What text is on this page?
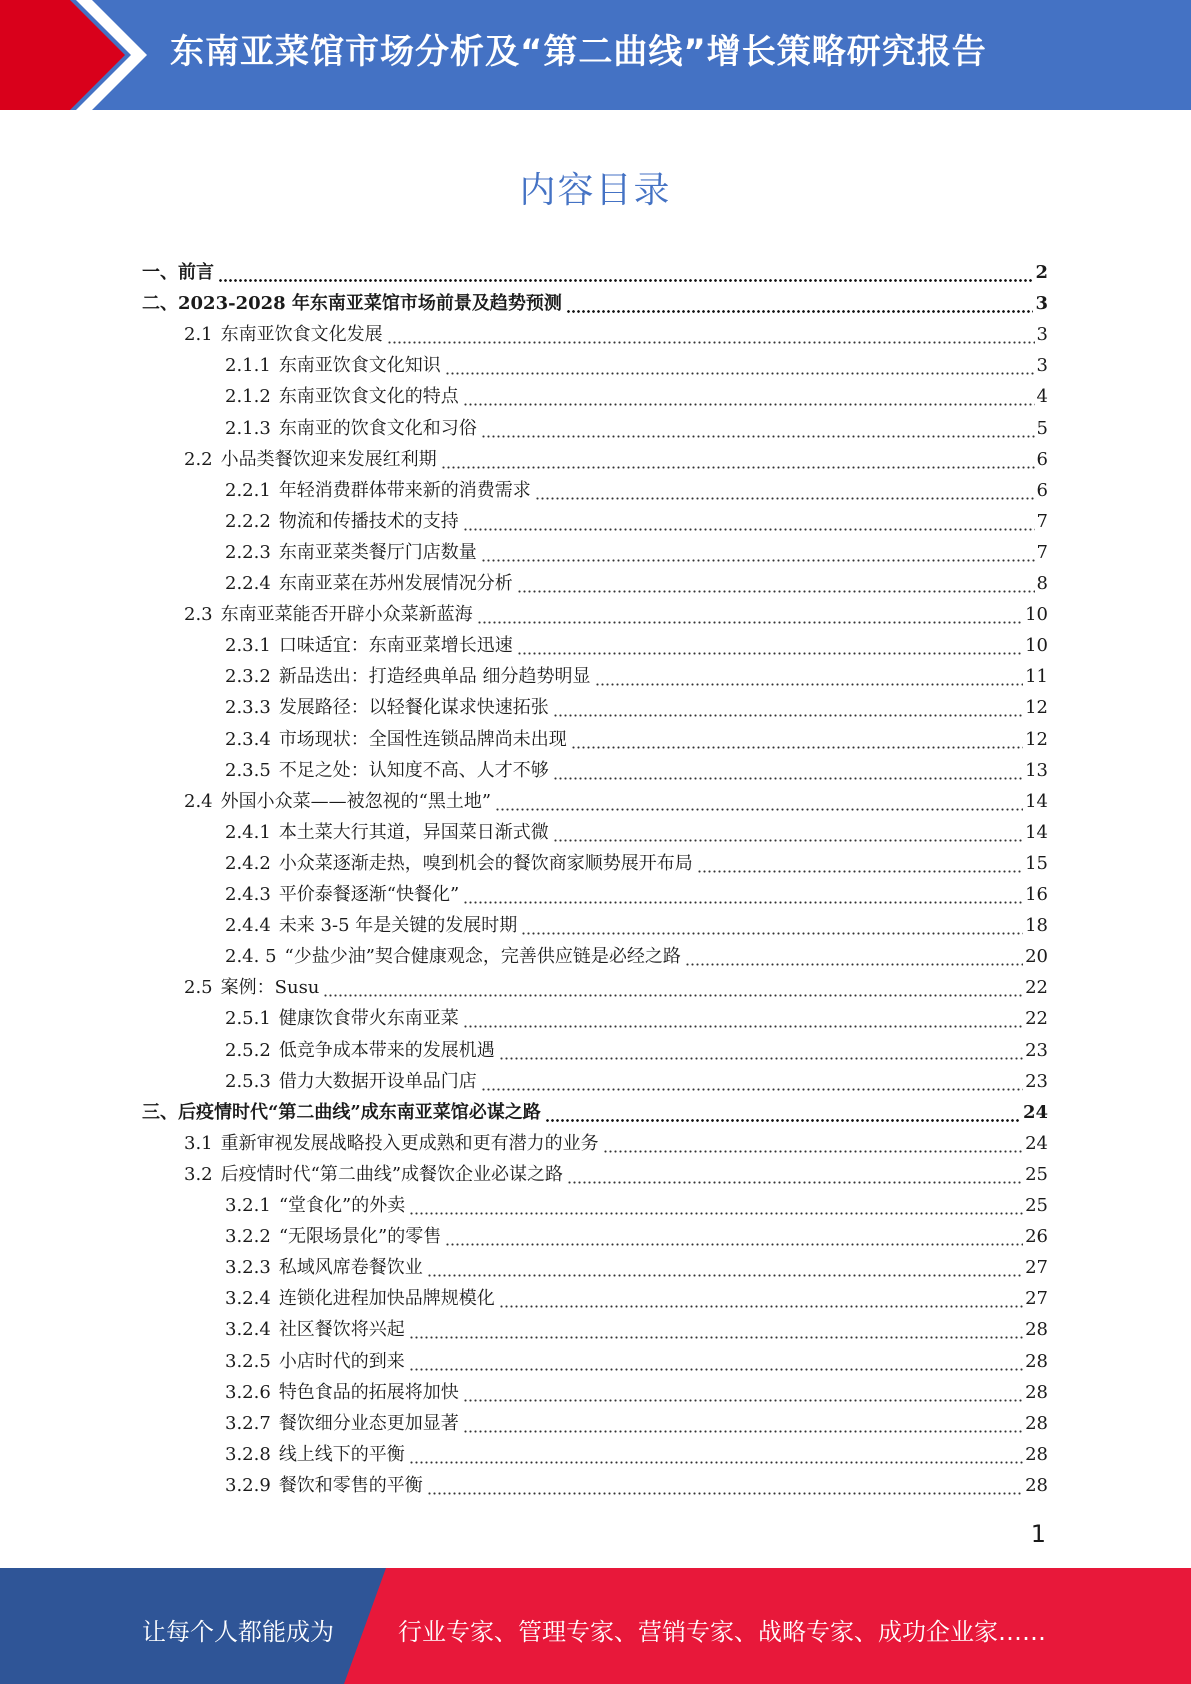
东南亚菜馆市场分析及“第二曲线”增长策略研究报告
内容目录
一、 前言	2
二、 2023-2028 年东南亚菜馆市场前景及趋势预测	3
2.1 东南亚饮食文化发展	3
2.1.1 东南亚饮食文化知识	3
2.1.2 东南亚饮食文化的特点	4
2.1.3 东南亚的饮食文化和习俗	5
2.2 小品类餐饮迎来发展红利期	6
2.2.1 年轻消费群体带来新的消费需求	6
2.2.2 物流和传播技术的支持	7
2.2.3 东南亚菜类餐厅门店数量	7
2.2.4 东南亚菜在苏州发展情况分析	8
2.3 东南亚菜能否开辟小众菜新蓝海	10
2.3.1 口味适宜：东南亚菜增长迅速	10
2.3.2 新品迭出：打造经典单品 细分趋势明显	11
2.3.3 发展路径：以轻餐化谋求快速拓张	12
2.3.4 市场现状：全国性连锁品牌尚未出现	12
2.3.5 不足之处：认知度不高、人才不够	13
2.4 外国小众菜——被忽视的“黑土地”	14
2.4.1 本土菜大行其道，异国菜日渐式微	14
2.4.2 小众菜逐渐走热，嗅到机会的餐饮商家顺势展开布局	15
2.4.3 平价泰餐逐渐“快餐化”	16
2.4.4 未来 3-5 年是关键的发展时期	18
2.4. 5 “少盐少油”契合健康观念，完善供应链是必经之路	20
2.5 案例：Susu	22
2.5.1 健康饮食带火东南亚菜	22
2.5.2 低竞争成本带来的发展机遇	23
2.5.3 借力大数据开设单品门店	23
三、 后疫情时代“第二曲线”成东南亚菜馆必谋之路	24
3.1 重新审视发展战略投入更成熟和更有潜力的业务	24
3.2 后疫情时代“第二曲线”成餐饮企业必谋之路	25
3.2.1 “堂食化”的外卖	25
3.2.2 “无限场景化”的零售	26
3.2.3 私域风席卷餐饮业	27
3.2.4 连锁化进程加快品牌规模化	27
3.2.4 社区餐饮将兴起	28
3.2.5 小店时代的到来	28
3.2.6 特色食品的拓展将加快	28
3.2.7 餐饮细分业态更加显著	28
3.2.8 线上线下的平衡	28
3.2.9 餐饮和零售的平衡	28
1
让每个人都能成为	行业专家、管理专家、营销专家、战略专家、成功企业家……
